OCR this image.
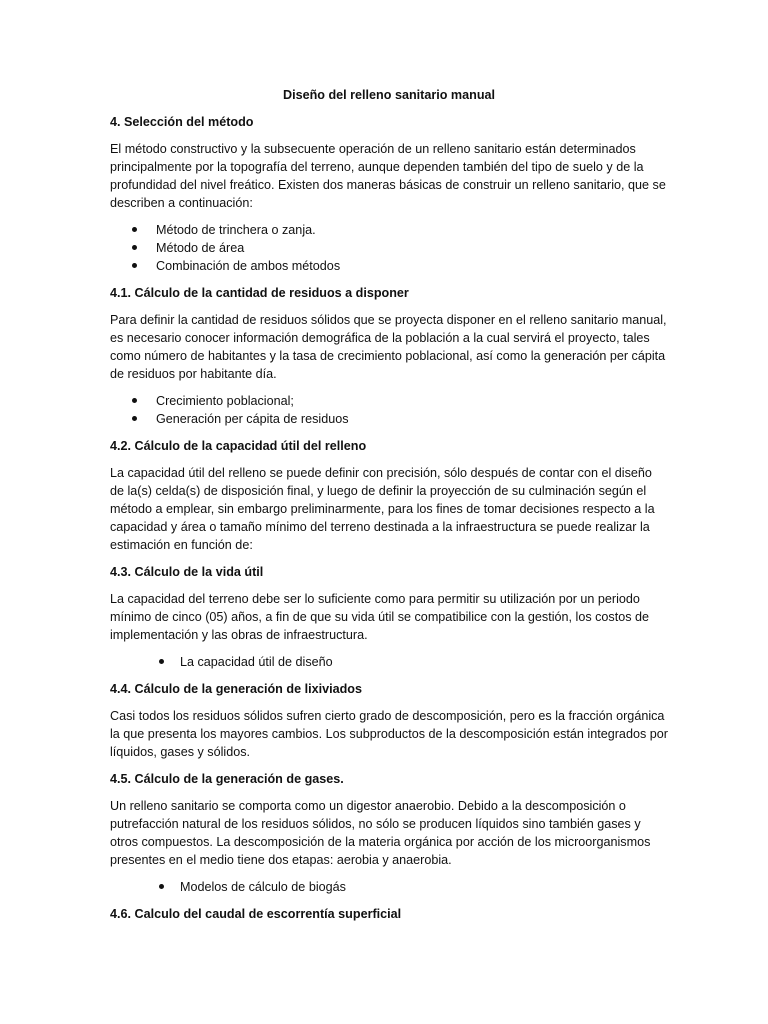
Diseño del relleno sanitario manual
4. Selección del método

El método constructivo y la subsecuente operación de un relleno sanitario están determinados principalmente por la topografía del terreno, aunque dependen también del tipo de suelo y de la profundidad del nivel freático. Existen dos maneras básicas de construir un relleno sanitario, que se describen a continuación:

Método de trinchera o zanja.
Método de área
Combinación de ambos métodos
4.1. Cálculo de la cantidad de residuos a disponer

Para definir la cantidad de residuos sólidos que se proyecta disponer en el relleno sanitario manual, es necesario conocer información demográfica de la población a la cual servirá el proyecto, tales como número de habitantes y la tasa de crecimiento poblacional, así como la generación per cápita de residuos por habitante día.

Crecimiento poblacional;
Generación per cápita de residuos
4.2. Cálculo de la capacidad útil del relleno

La capacidad útil del relleno se puede definir con precisión, sólo después de contar con el diseño de la(s) celda(s) de disposición final, y luego de definir la proyección de su culminación según el método a emplear, sin embargo preliminarmente, para los fines de tomar decisiones respecto a la capacidad y área o tamaño mínimo del terreno destinada a la infraestructura se puede realizar la estimación en función de:

4.3. Cálculo de la vida útil

La capacidad del terreno debe ser lo suficiente como para permitir su utilización por un periodo mínimo de cinco (05) años, a fin de que su vida útil se compatibilice con la gestión, los costos de implementación y las obras de infraestructura.

La capacidad útil de diseño
4.4. Cálculo de la generación de lixiviados

Casi todos los residuos sólidos sufren cierto grado de descomposición, pero es la fracción orgánica la que presenta los mayores cambios. Los subproductos de la descomposición están integrados por líquidos, gases y sólidos.

4.5. Cálculo de la generación de gases.

Un relleno sanitario se comporta como un digestor anaerobio. Debido a la descomposición o putrefacción natural de los residuos sólidos, no sólo se producen líquidos sino también gases y otros compuestos. La descomposición de la materia orgánica por acción de los microorganismos presentes en el medio tiene dos etapas: aerobia y anaerobia.

Modelos de cálculo de biogás
4.6. Calculo del caudal de escorrentía superficial
